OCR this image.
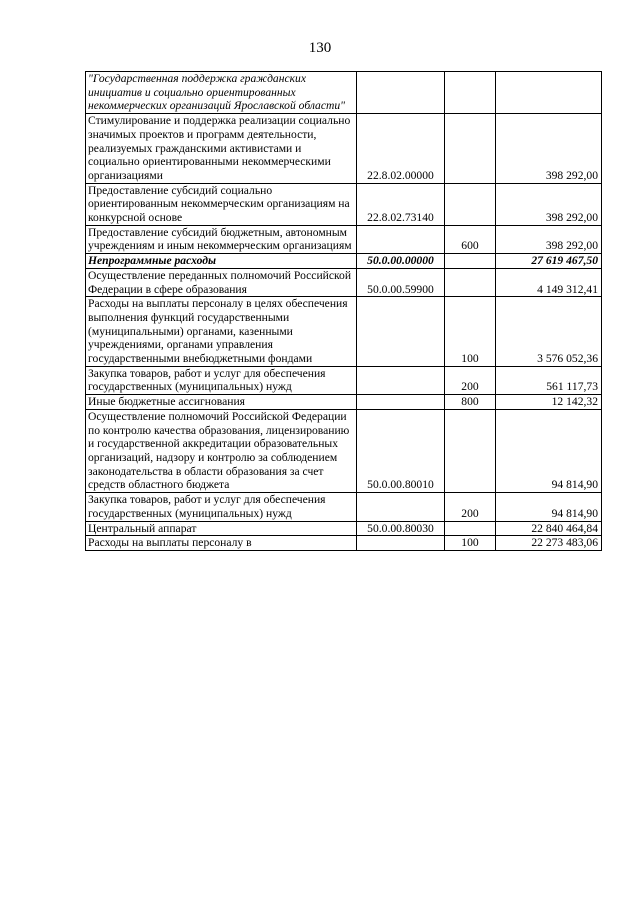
130
"Государственная поддержка гражданских инициатив и социально ориентированных некоммерческих организаций Ярославской области"			
Стимулирование и поддержка реализации социально значимых проектов и программ деятельности, реализуемых гражданскими активистами и социально ориентированными некоммерческими организациями	22.8.02.00000		398 292,00
Предоставление субсидий социально ориентированным некоммерческим организациям на конкурсной основе	22.8.02.73140		398 292,00
Предоставление субсидий бюджетным, автономным учреждениям и иным некоммерческим организациям		600	398 292,00
Непрограммные расходы	50.0.00.00000		27 619 467,50
Осуществление переданных полномочий Российской Федерации в сфере образования	50.0.00.59900		4 149 312,41
Расходы на выплаты персоналу в целях обеспечения выполнения функций государственными (муниципальными) органами, казенными учреждениями, органами управления государственными внебюджетными фондами		100	3 576 052,36
Закупка товаров, работ и услуг для обеспечения государственных (муниципальных) нужд		200	561 117,73
Иные бюджетные ассигнования		800	12 142,32
Осуществление полномочий Российской Федерации по контролю качества образования, лицензированию и государственной аккредитации образовательных организаций, надзору и контролю за соблюдением законодательства в области образования за счет средств областного бюджета	50.0.00.80010		94 814,90
Закупка товаров, работ и услуг для обеспечения государственных (муниципальных) нужд		200	94 814,90
Центральный аппарат	50.0.00.80030		22 840 464,84
Расходы на выплаты персоналу в		100	22 273 483,06
